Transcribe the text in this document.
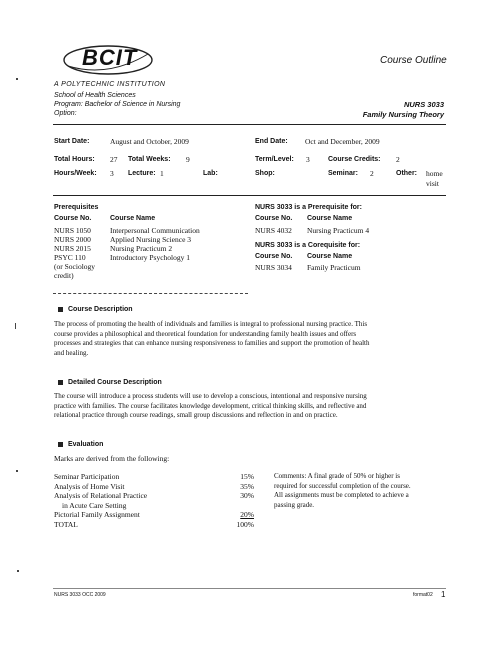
BCIT	Course Outline
A POLYTECHNIC INSTITUTION
School of Health Sciences
Program: Bachelor of Science in Nursing
Option:
NURS 3033
Family Nursing Theory
Start Date:	August and October, 2009	End Date: Oct and December, 2009
Total Hours: 27 Total Weeks: 9	Term/Level: 3	Course Credits: 2
Hours/Week: 3 Lecture: 1	Lab:	Shop:	Seminar: 2	Other: home visit
Prerequisites
Course No.	Course Name
NURS 1050	Interpersonal Communication
NURS 2000	Applied Nursing Science 3
NURS 2015	Nursing Practicum 2
PSYC 110	Introductory Psychology 1
(or Sociology
credit)
NURS 3033 is a Prerequisite for:
Course No. Course Name
NURS 4032	Nursing Practicum 4
NURS 3033 is a Corequisite for:
Course No. Course Name
NURS 3034	Family Practicum
Course Description
The process of promoting the health of individuals and families is integral to professional nursing practice. This
course provides a philosophical and theoretical foundation for understanding family health issues and offers
processes and strategies that can enhance nursing responsiveness to families and support the promotion of health
and healing.
Detailed Course Description
The course will introduce a process students will use to develop a conscious, intentional and responsive nursing
practice with families. The course facilitates knowledge development, critical thinking skills, and reflective and
relational practice through course readings, small group discussions and reflection in and on practice.
Evaluation
Marks are derived from the following:
Seminar Participation	15%
Analysis of Home Visit	35%
Analysis of Relational Practice	30%
in Acute Care Setting
Pictorial Family Assignment	20%
TOTAL	100%
Comments: A final grade of 50% or higher is
required for successful completion of the course.
All assignments must be completed to achieve a
passing grade.
NURS 3033 OCC 2009	format02 1
